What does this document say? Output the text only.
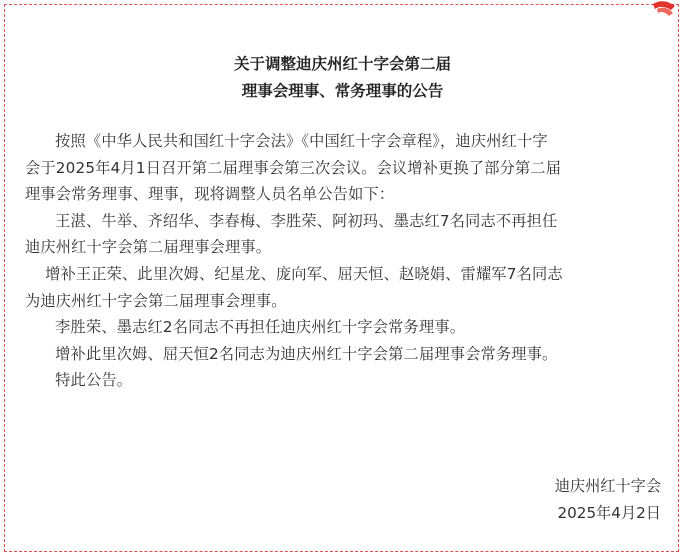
关于调整迪庆州红十字会第二届
理事会理事、常务理事的公告

按照《中华人民共和国红十字会法》《中国红十字会章程》，迪庆州红十字

会于2025年4月1日召开第二届理事会第三次会议。会议增补更换了部分第二届

理事会常务理事、理事，现将调整人员名单公告如下：

王湛、牛举、齐绍华、李春梅、李胜荣、阿初玛、墨志红7名同志不再担任

迪庆州红十字会第二届理事会理事。

增补王正荣、此里次姆、纪星龙、庞向军、屈天恒、赵晓娟、雷耀军7名同志

为迪庆州红十字会第二届理事会理事。

李胜荣、墨志红2名同志不再担任迪庆州红十字会常务理事。

增补此里次姆、屈天恒2名同志为迪庆州红十字会第二届理事会常务理事。

特此公告。

迪庆州红十字会
2025年4月2日
